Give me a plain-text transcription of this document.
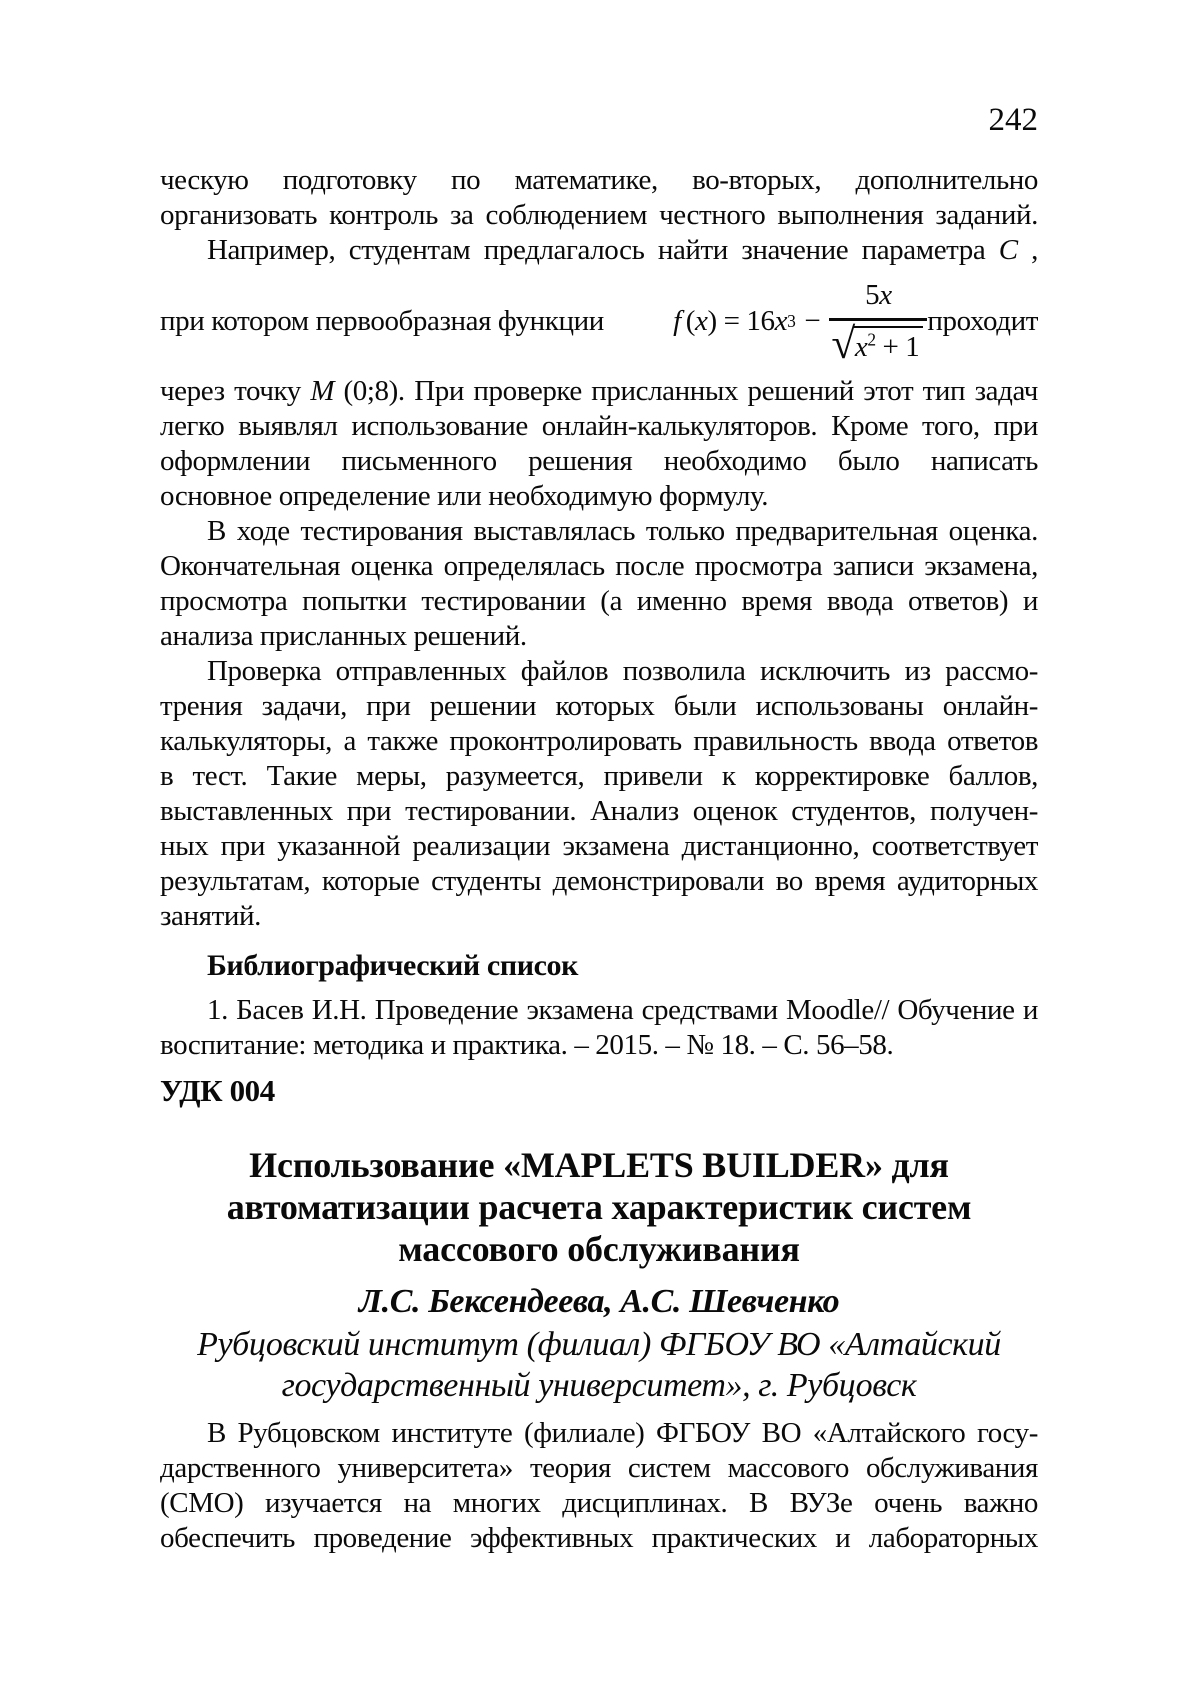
242
ческую подготовку по математике, во-вторых, дополнительно
организовать контроль за соблюдением честного выполнения заданий.
Например, студентам предлагалось найти значение параметра C ,
при котором первообразная функции f ( x ) = 16 x $3 - \frac{5x}{√ x^2 + 1}$ проходит
через точку M (0;8). При проверке присланных решений этот тип задач
легко выявлял использование онлайн-калькуляторов. Кроме того, при
оформлении письменного решения необходимо было написать
основное определение или необходимую формулу.
В ходе тестирования выставлялась только предварительная оценка.
Окончательная оценка определялась после просмотра записи экзамена,
просмотра попытки тестировании (а именно время ввода ответов) и
анализа присланных решений.
Проверка отправленных файлов позволила исключить из рассмо-
трения задачи, при решении которых были использованы онлайн-
калькуляторы, а также проконтролировать правильность ввода ответов
в тест. Такие меры, разумеется, привели к корректировке баллов,
выставленных при тестировании. Анализ оценок студентов, получен-
ных при указанной реализации экзамена дистанционно, соответствует
результатам, которые студенты демонстрировали во время аудиторных
занятий.
Библиографический список
1. Басев И.Н. Проведение экзамена средствами Moodle// Обучение и
воспитание: методика и практика. – 2015. – № 18. – С. 56–58.
УДК 004
Использование «MAPLETS BUILDER» для
автоматизации расчета характеристик систем
массового обслуживания
Л.С. Бексендеева, А.С. Шевченко
Рубцовский институт (филиал) ФГБОУ ВО «Алтайский
государственный университет», г. Рубцовск
В Рубцовском институте (филиале) ФГБОУ ВО «Алтайского госу-
дарственного университета» теория систем массового обслуживания
(СМО) изучается на многих дисциплинах. В ВУЗе очень важно
обеспечить проведение эффективных практических и лабораторных
